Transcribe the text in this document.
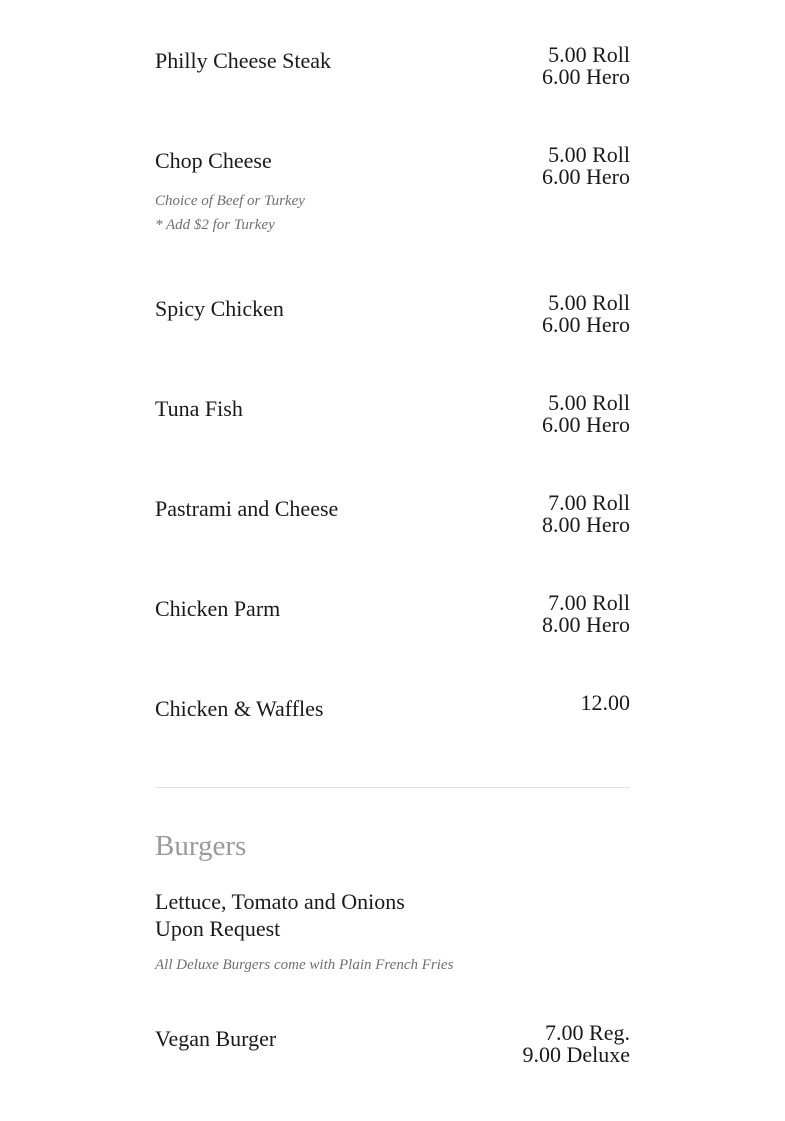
Philly Cheese Steak	5.00 Roll
6.00 Hero
Chop Cheese	5.00 Roll
6.00 Hero
Choice of Beef or Turkey
* Add $2 for Turkey
Spicy Chicken	5.00 Roll
6.00 Hero
Tuna Fish	5.00 Roll
6.00 Hero
Pastrami and Cheese	7.00 Roll
8.00 Hero
Chicken Parm	7.00 Roll
8.00 Hero
Chicken & Waffles	12.00
Burgers
Lettuce, Tomato and Onions
Upon Request
All Deluxe Burgers come with Plain French Fries
Vegan Burger	7.00 Reg.
9.00 Deluxe
